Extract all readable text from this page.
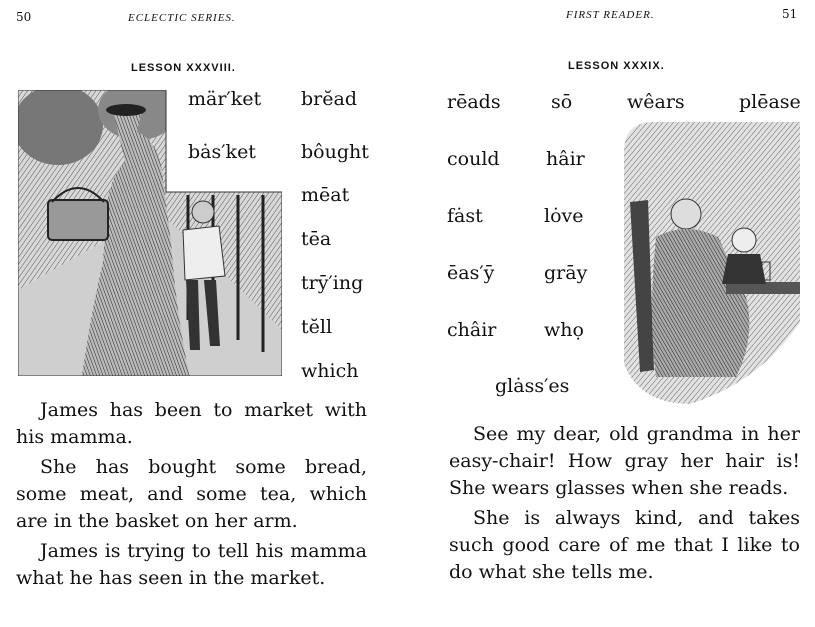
50	ECLECTIC SERIES.
LESSON XXXVIII.
mär′ket brĕad
bȧs′ket bôught
mēat
tēa
trȳ′ing
tĕll
which

James has been to market with his mamma.

She has bought some bread, some meat, and some tea, which are in the basket on her arm.

James is trying to tell his mamma what he has seen in the market.

FIRST READER.	51
LESSON XXXIX.
rēads	sō	wêars	plēase
could hâir
fȧst	lȯve
ēas′ȳ	grāy
châir	whọ
glȧss′es

See my dear, old grandma in her easy-chair! How gray her hair is! She wears glasses when she reads.

She is always kind, and takes such good care of me that I like to do what she tells me.
